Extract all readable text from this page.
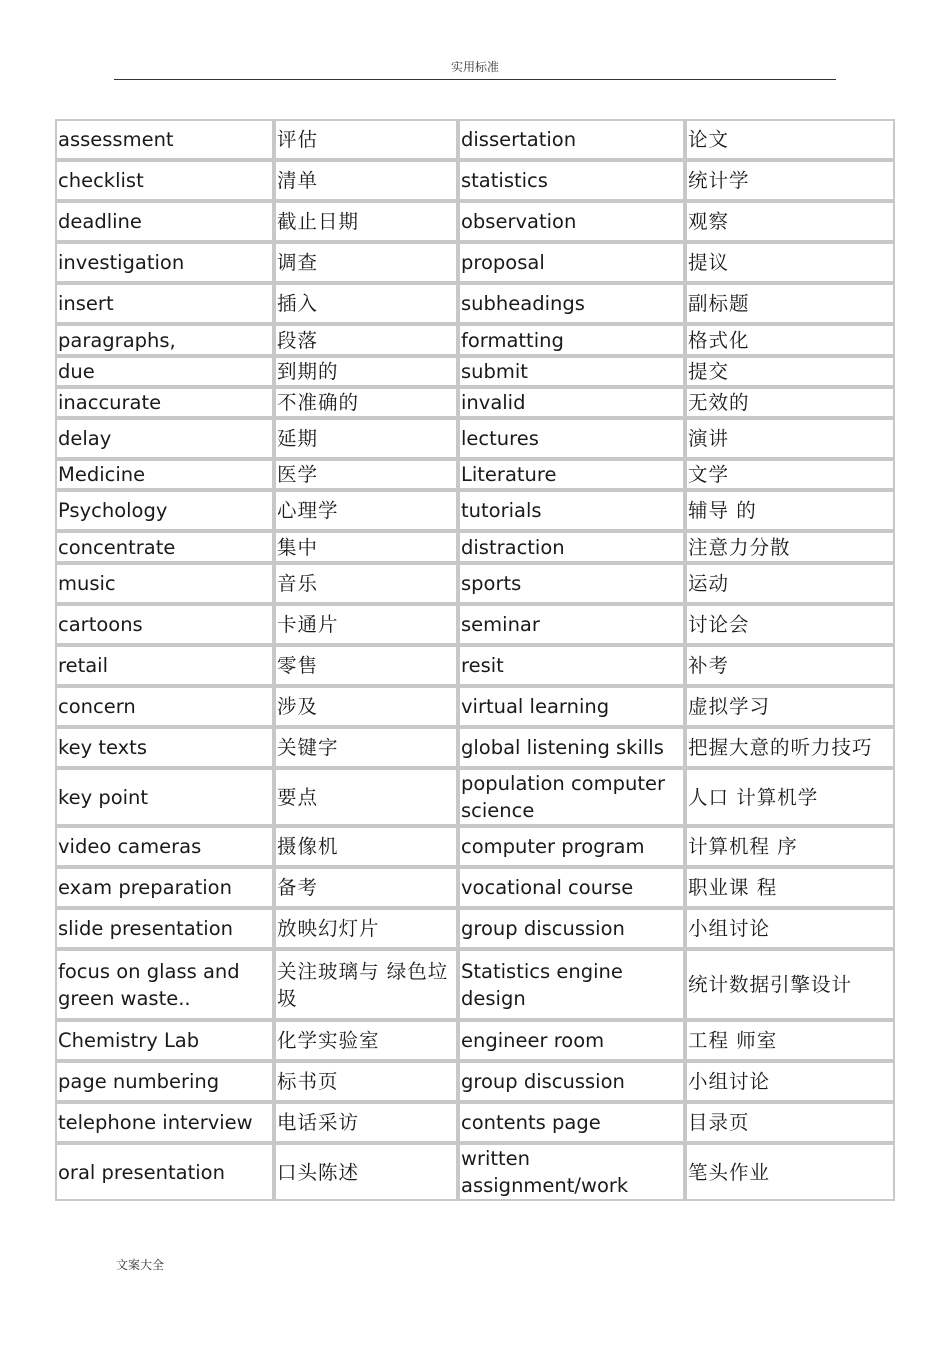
实用标准
assessment	评估	dissertation	论文
checklist	清单	statistics	统计学
deadline	截止日期	observation	观察
investigation	调查	proposal	提议
insert	插入	subheadings	副标题
paragraphs,	段落	formatting	格式化
due	到期的	submit	提交
inaccurate	不准确的	invalid	无效的
delay	延期	lectures	演讲
Medicine	医学	Literature	文学
Psychology	心理学	tutorials	辅导 的
concentrate	集中	distraction	注意力分散
music	音乐	sports	运动
cartoons	卡通片	seminar	讨论会
retail	零售	resit	补考
concern	涉及	virtual learning	虚拟学习
key texts	关键字	global listening skills	把握大意的听力技巧
key point	要点	population computer science	人口 计算机学
video cameras	摄像机	computer program	计算机程 序
exam preparation	备考	vocational course	职业课 程
slide presentation	放映幻灯片	group discussion	小组讨论
focus on glass and green waste..	关注玻璃与 绿色垃圾	Statistics engine design	统计数据引擎设计
Chemistry Lab	化学实验室	engineer room	工程 师室
page numbering	标书页	group discussion	小组讨论
telephone interview	电话采访	contents page	目录页
oral presentation	口头陈述	written assignment/work	笔头作业
文案大全
